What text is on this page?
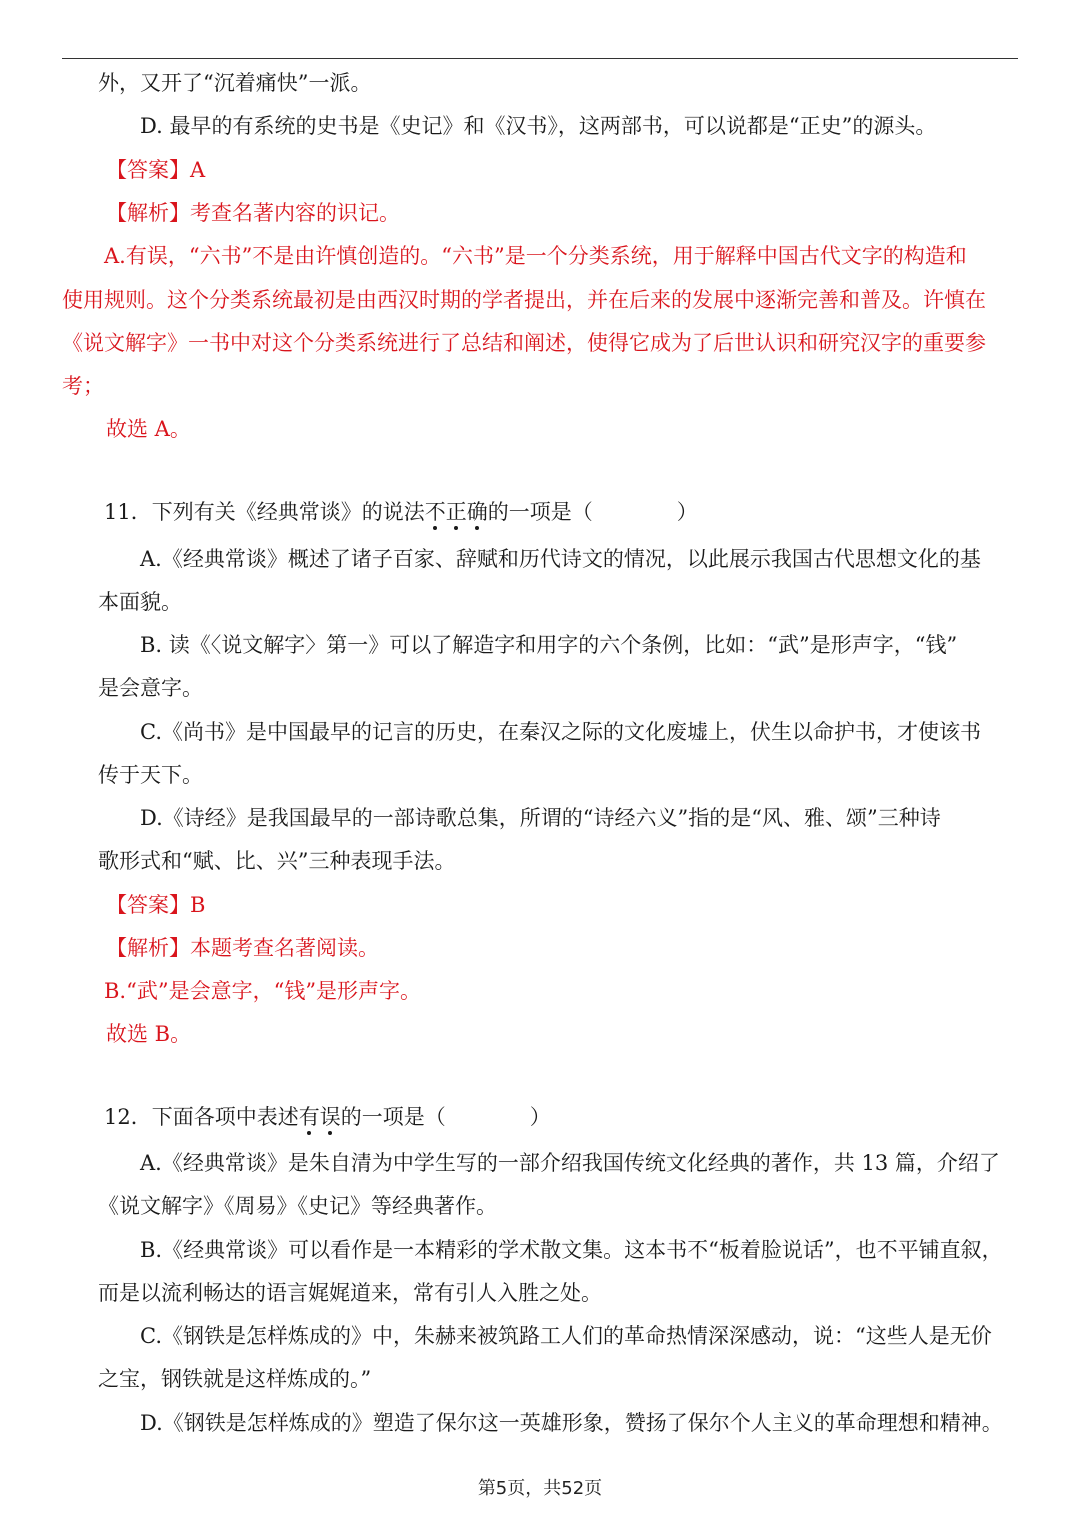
外，又开了“沉着痛快”一派。
D. 最早的有系统的史书是《史记》和《汉书》，这两部书，可以说都是“正史”的源头。
【答案】A
【解析】考查名著内容的识记。
A.有误，“六书”不是由许慎创造的。“六书”是一个分类系统，用于解释中国古代文字的构造和
使用规则。这个分类系统最初是由西汉时期的学者提出，并在后来的发展中逐渐完善和普及。许慎在
《说文解字》一书中对这个分类系统进行了总结和阐述，使得它成为了后世认识和研究汉字的重要参
考；
故选 A。
11．下列有关《经典常谈》的说法不正确的一项是（　　　　）
A.《经典常谈》概述了诸子百家、辞赋和历代诗文的情况，以此展示我国古代思想文化的基
本面貌。
B. 读《〈说文解字〉第一》可以了解造字和用字的六个条例，比如：“武”是形声字，“钱”
是会意字。
C.《尚书》是中国最早的记言的历史，在秦汉之际的文化废墟上，伏生以命护书，才使该书
传于天下。
D.《诗经》是我国最早的一部诗歌总集，所谓的“诗经六义”指的是“风、雅、颂”三种诗
歌形式和“赋、比、兴”三种表现手法。
【答案】B
【解析】本题考查名著阅读。
B.“武”是会意字，“钱”是形声字。
故选 B。
12．下面各项中表述有误的一项是（　　　　）
A.《经典常谈》是朱自清为中学生写的一部介绍我国传统文化经典的著作，共 13 篇，介绍了
《说文解字》《周易》《史记》等经典著作。
B.《经典常谈》可以看作是一本精彩的学术散文集。这本书不“板着脸说话”，也不平铺直叙，
而是以流利畅达的语言娓娓道来，常有引人入胜之处。
C.《钢铁是怎样炼成的》中，朱赫来被筑路工人们的革命热情深深感动，说：“这些人是无价
之宝，钢铁就是这样炼成的。”
D.《钢铁是怎样炼成的》塑造了保尔这一英雄形象，赞扬了保尔个人主义的革命理想和精神。
第5页，共52页
